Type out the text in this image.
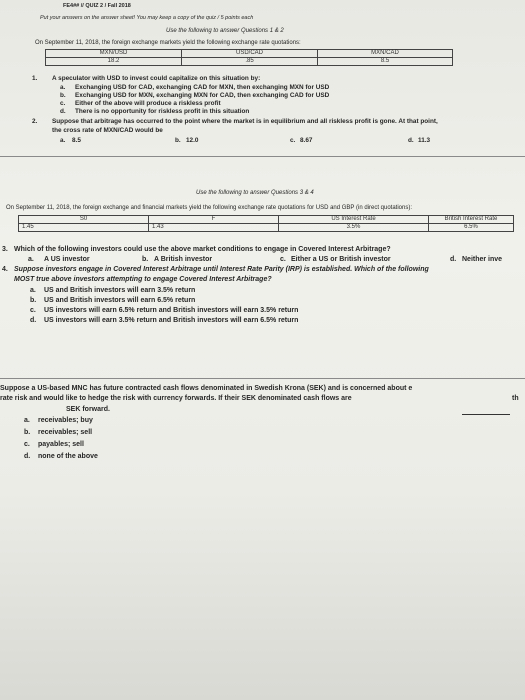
FE4## // QUIZ 2 / Fall 2018
Put your answers on the answer sheet! You may keep a copy of the quiz / 5 points each
Use the following to answer Questions 1 & 2
On September 11, 2018, the foreign exchange markets yield the following exchange rate quotations:
MXN/USD	USD/CAD	MXN/CAD
18.2	.85	8.5
1. A speculator with USD to invest could capitalize on this situation by:
a. Exchanging USD for CAD, exchanging CAD for MXN, then exchanging MXN for USD
b. Exchanging USD for MXN, exchanging MXN for CAD, then exchanging CAD for USD
c. Either of the above will produce a riskless profit
d. There is no opportunity for riskless profit in this situation
2. Suppose that arbitrage has occurred to the point where the market is in equilibrium and all riskless profit is gone. At that point,
the cross rate of MXN/CAD would be
a. 8.5	b. 12.0	c. 8.67	d. 11.3
Use the following to answer Questions 3 & 4
On September 11, 2018, the foreign exchange and financial markets yield the following exchange rate quotations for USD and GBP (in direct quotations):
S0	F	US Interest Rate	British Interest Rate
1.45	1.43	3.5%	6.5%
3. Which of the following investors could use the above market conditions to engage in Covered Interest Arbitrage?
a. A US investor	b. A British investor	c. Either a US or British investor	d. Neither inve
4. Suppose investors engage in Covered Interest Arbitrage until Interest Rate Parity (IRP) is established. Which of the following
MOST true above investors attempting to engage Covered Interest Arbitrage?
a. US and British investors will earn 3.5% return
b. US and British investors will earn 6.5% return
c. US investors will earn 6.5% return and British investors will earn 3.5% return
d. US investors will earn 3.5% return and British investors will earn 6.5% return
Suppose a US-based MNC has future contracted cash flows denominated in Swedish Krona (SEK) and is concerned about e
rate risk and would like to hedge the risk with currency forwards. If their SEK denominated cash flows are	th
SEK forward.
a. receivables; buy
b. receivables; sell
c. payables; sell
d. none of the above
